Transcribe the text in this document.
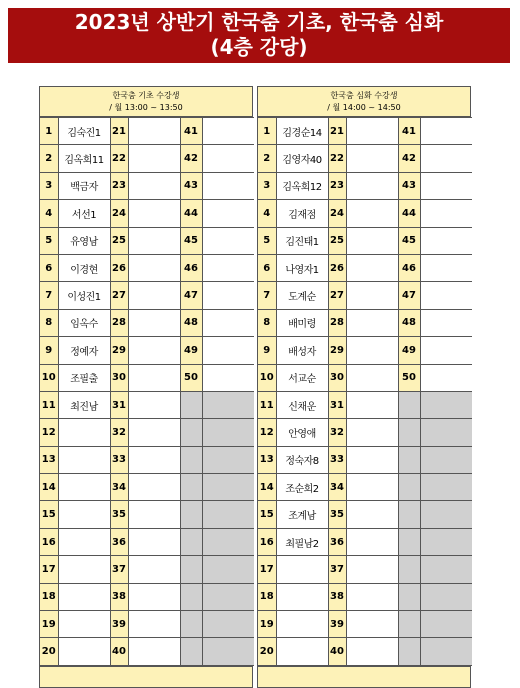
2023년 상반기 한국춤 기초, 한국춤 심화
(4층 강당)
한국춤 기초 수강생
/ 월 13:00 ~ 13:50
1	김숙진1	21		41	
2	김옥희11	22		42	
3	백금자	23		43	
4	서선1	24		44	
5	유영남	25		45	
6	이경현	26		46	
7	이성진1	27		47	
8	임옥수	28		48	
9	정예자	29		49	
10	조필출	30		50	
11	최진남	31			
12		32			
13		33			
14		34			
15		35			
16		36			
17		37			
18		38			
19		39			
20		40			
한국춤 심화 수강생
/ 월 14:00 ~ 14:50
1	김경순14	21		41	
2	김영자40	22		42	
3	김옥희12	23		43	
4	김재점	24		44	
5	김진태1	25		45	
6	나영자1	26		46	
7	도계순	27		47	
8	배미령	28		48	
9	배성자	29		49	
10	서교순	30		50	
11	신채운	31			
12	안영애	32			
13	정숙자8	33			
14	조순희2	34			
15	조계남	35			
16	최필남2	36			
17		37			
18		38			
19		39			
20		40			
